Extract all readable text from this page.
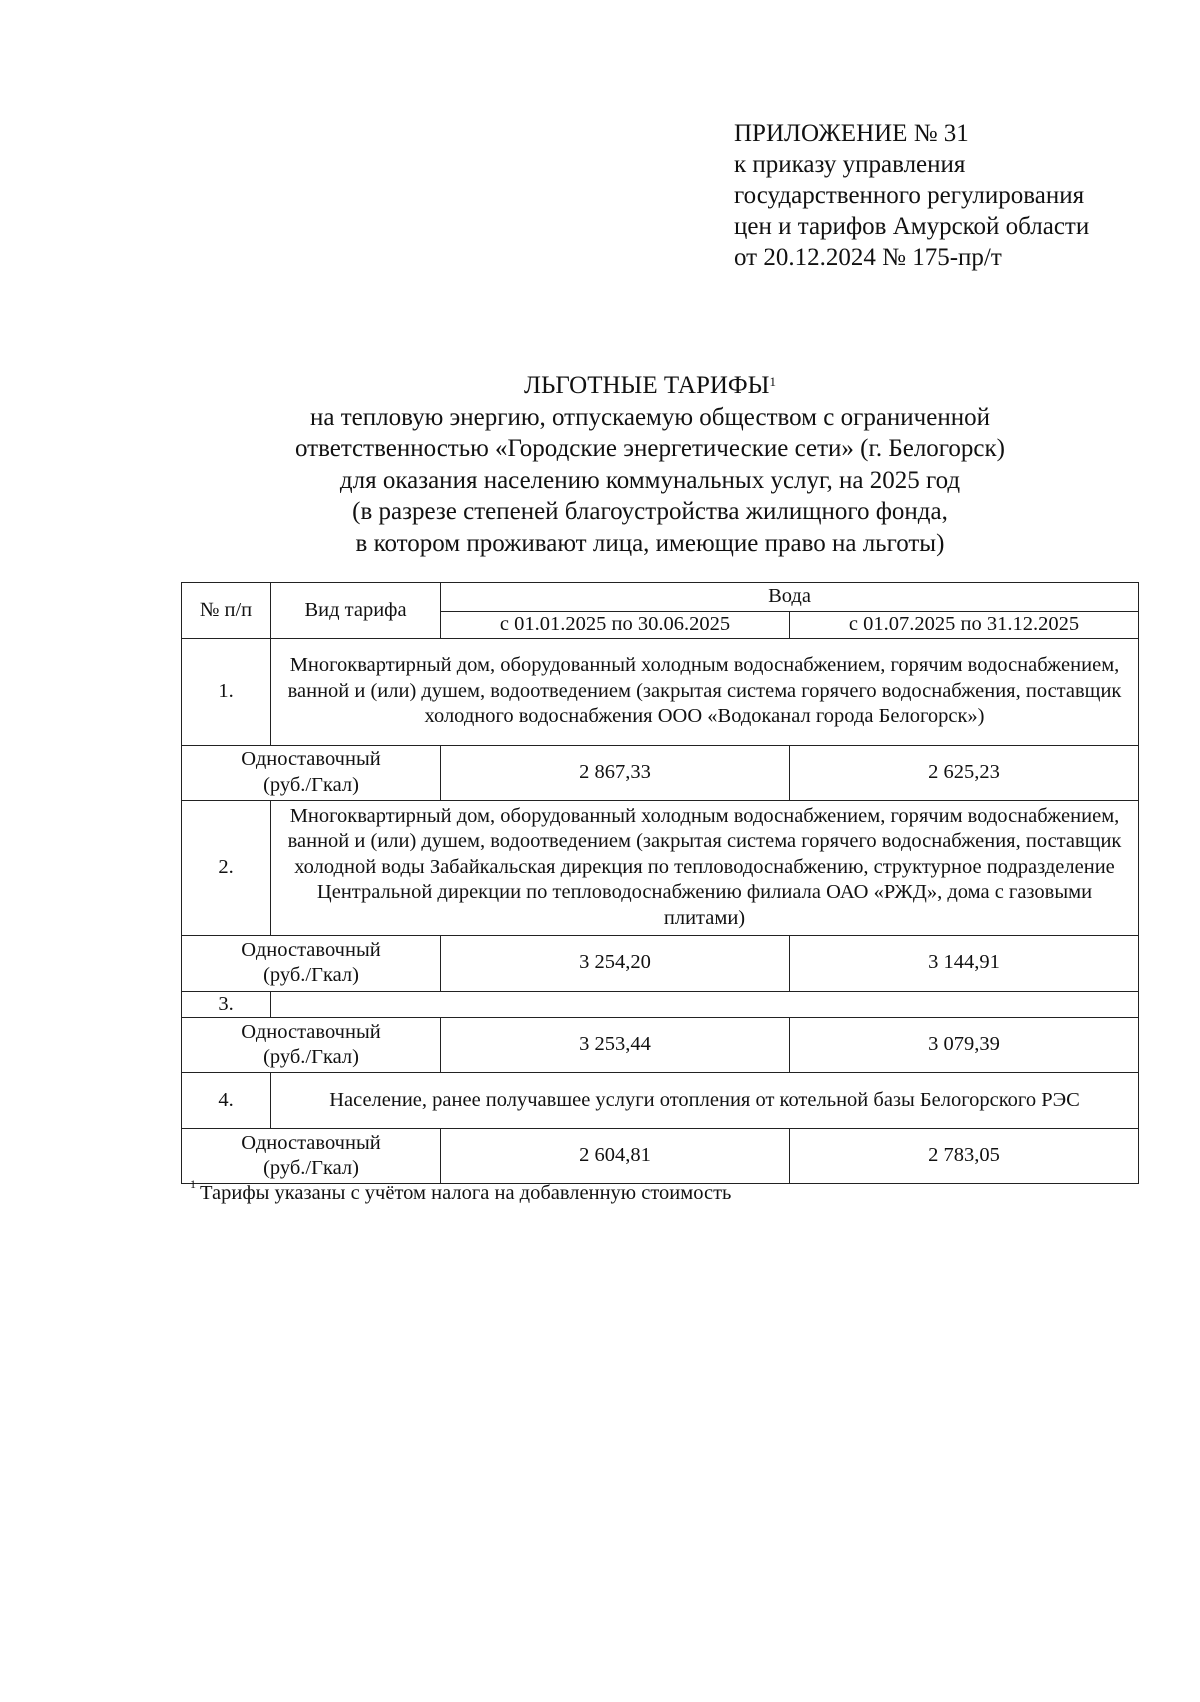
ПРИЛОЖЕНИЕ № 31
к приказу управления
государственного регулирования
цен и тарифов Амурской области
от 20.12.2024 № 175-пр/т
ЛЬГОТНЫЕ ТАРИФЫ$^1$
на тепловую энергию, отпускаемую обществом с ограниченной
ответственностью «Городские энергетические сети» (г. Белогорск)
для оказания населению коммунальных услуг, на 2025 год
(в разрезе степеней благоустройства жилищного фонда,
в котором проживают лица, имеющие право на льготы)
№ п/п	Вид тарифа	Вода	
		с 01.01.2025 по 30.06.2025	с 01.07.2025 по 31.12.2025
1.	Многоквартирный дом, оборудованный холодным водоснабжением, горячим водоснабжением, ванной и (или) душем, водоотведением (закрытая система горячего водоснабжения, поставщик холодного водоснабжения ООО «Водоканал города Белогорск»)		

Одноставочный
(руб./Гкал)		2 867,33	2 625,23
2.	Многоквартирный дом, оборудованный холодным водоснабжением, горячим водоснабжением, ванной и (или) душем, водоотведением (закрытая система горячего водоснабжения, поставщик холодной воды Забайкальская дирекция по тепловодоснабжению, структурное подразделение Центральной дирекции по тепловодоснабжению филиала ОАО «РЖД», дома с газовыми плитами)		

Одноставочный
(руб./Гкал)		3 254,20	3 144,91
3.			

Одноставочный
(руб./Гкал)		3 253,44	3 079,39
4.	Население, ранее получавшее услуги отопления от котельной базы Белогорского РЭС		

Одноставочный
(руб./Гкал)		2 604,81	2 783,05
$^1$ Тарифы указаны с учётом налога на добавленную стоимость
